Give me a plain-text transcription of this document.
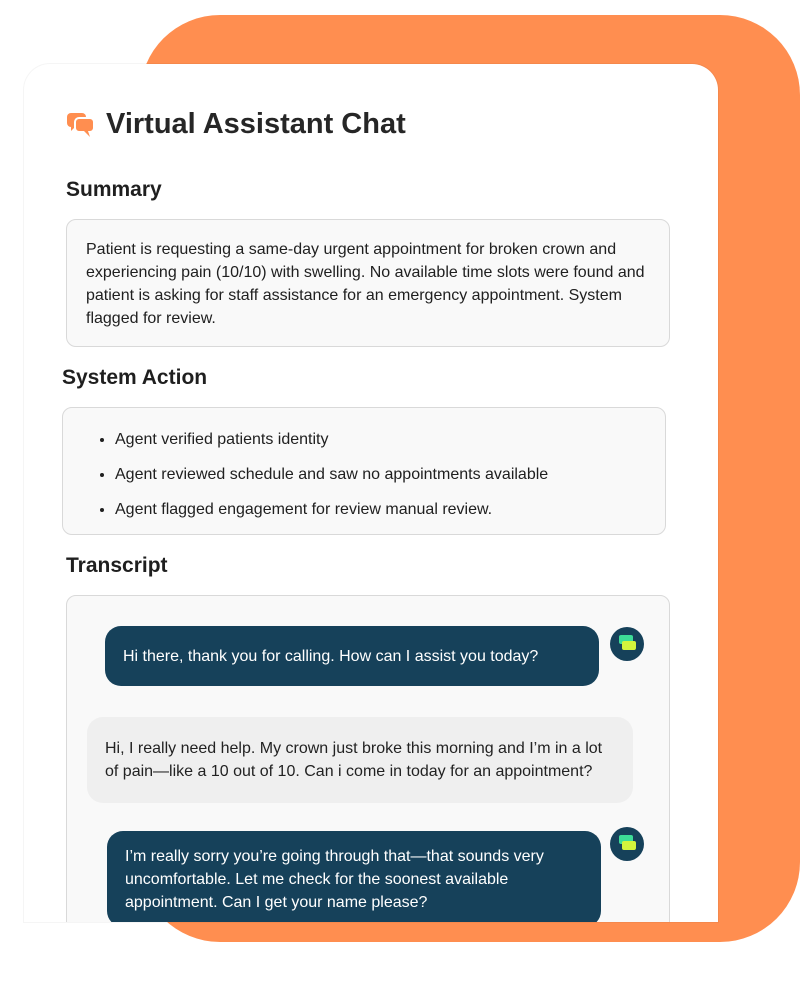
Virtual Assistant Chat
Summary
Patient is requesting a same-day urgent appointment for broken crown and experiencing pain (10/10) with swelling. No available time slots were found and patient is asking for staff assistance for an emergency appointment. System flagged for review.
System Action
• Agent verified patients identity
• Agent reviewed schedule and saw no appointments available
• Agent flagged engagement for review manual review.
Transcript
Hi there, thank you for calling. How can I assist you today?
Hi, I really need help. My crown just broke this morning and I’m in a lot of pain—like a 10 out of 10. Can i come in today for an appointment?
I’m really sorry you’re going through that—that sounds very uncomfortable. Let me check for the soonest available appointment. Can I get your name please?
